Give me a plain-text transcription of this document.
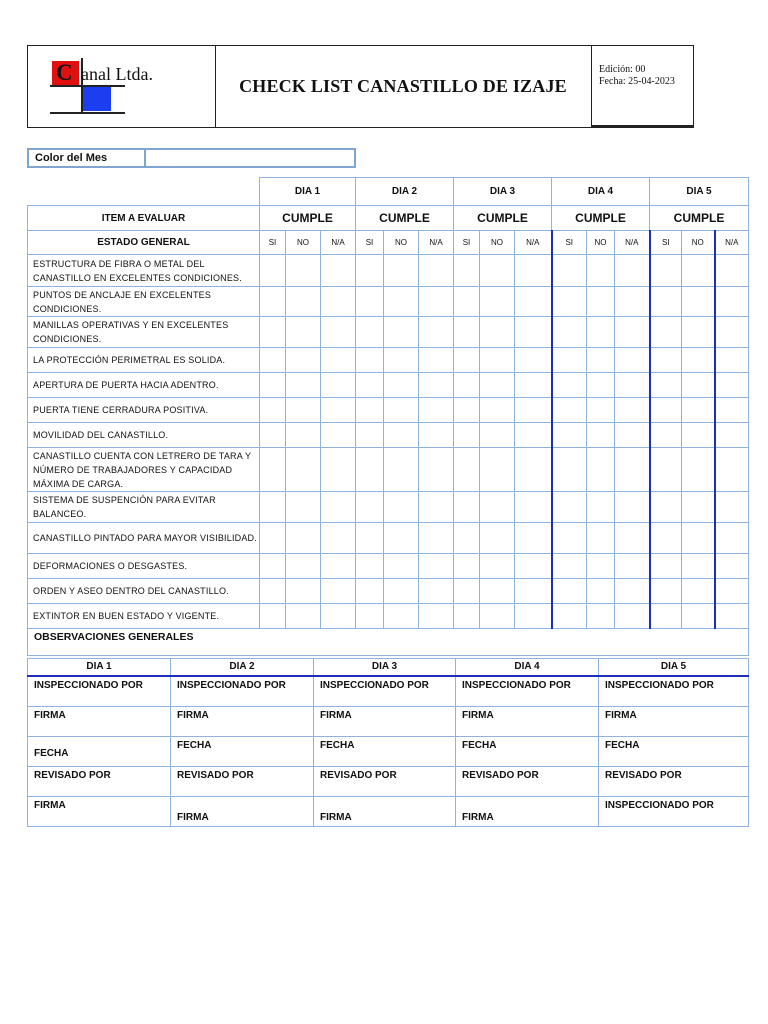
C anal Ltda.
CHECK LIST CANASTILLO DE IZAJE
Edición: 00
Fecha: 25-04-2023
Color del Mes
	DIA 1			DIA 2			DIA 3			DIA 4			DIA 5		
ITEM A EVALUAR	CUMPLE			CUMPLE			CUMPLE			CUMPLE			CUMPLE		
ESTADO GENERAL	SI	NO	N/A	SI	NO	N/A	SI	NO	N/A	SI	NO	N/A	SI	NO	N/A
ESTRUCTURA DE FIBRA O METAL DEL CANASTILLO EN EXCELENTES CONDICIONES.															
PUNTOS DE ANCLAJE EN EXCELENTES CONDICIONES.															
MANILLAS OPERATIVAS Y EN EXCELENTES CONDICIONES.															
LA PROTECCIÓN PERIMETRAL ES SOLIDA.															
APERTURA DE PUERTA HACIA ADENTRO.															
PUERTA TIENE CERRADURA POSITIVA.															
MOVILIDAD DEL CANASTILLO.															
CANASTILLO CUENTA CON LETRERO DE TARA Y NÚMERO DE TRABAJADORES Y CAPACIDAD MÁXIMA DE CARGA.															
SISTEMA DE SUSPENCIÓN PARA EVITAR BALANCEO.															
CANASTILLO PINTADO PARA MAYOR VISIBILIDAD.															
DEFORMACIONES O DESGASTES.															
ORDEN Y ASEO DENTRO DEL CANASTILLO.															
EXTINTOR EN BUEN ESTADO Y VIGENTE.															
OBSERVACIONES GENERALES															
DIA 1	DIA 2	DIA 3	DIA 4	DIA 5
INSPECCIONADO POR	INSPECCIONADO POR	INSPECCIONADO POR	INSPECCIONADO POR	INSPECCIONADO POR
FIRMA	FIRMA	FIRMA	FIRMA	FIRMA
FECHA	FECHA	FECHA	FECHA	FECHA
REVISADO POR	REVISADO POR	REVISADO POR	REVISADO POR	REVISADO POR
FIRMA	FIRMA	FIRMA	FIRMA	INSPECCIONADO POR
